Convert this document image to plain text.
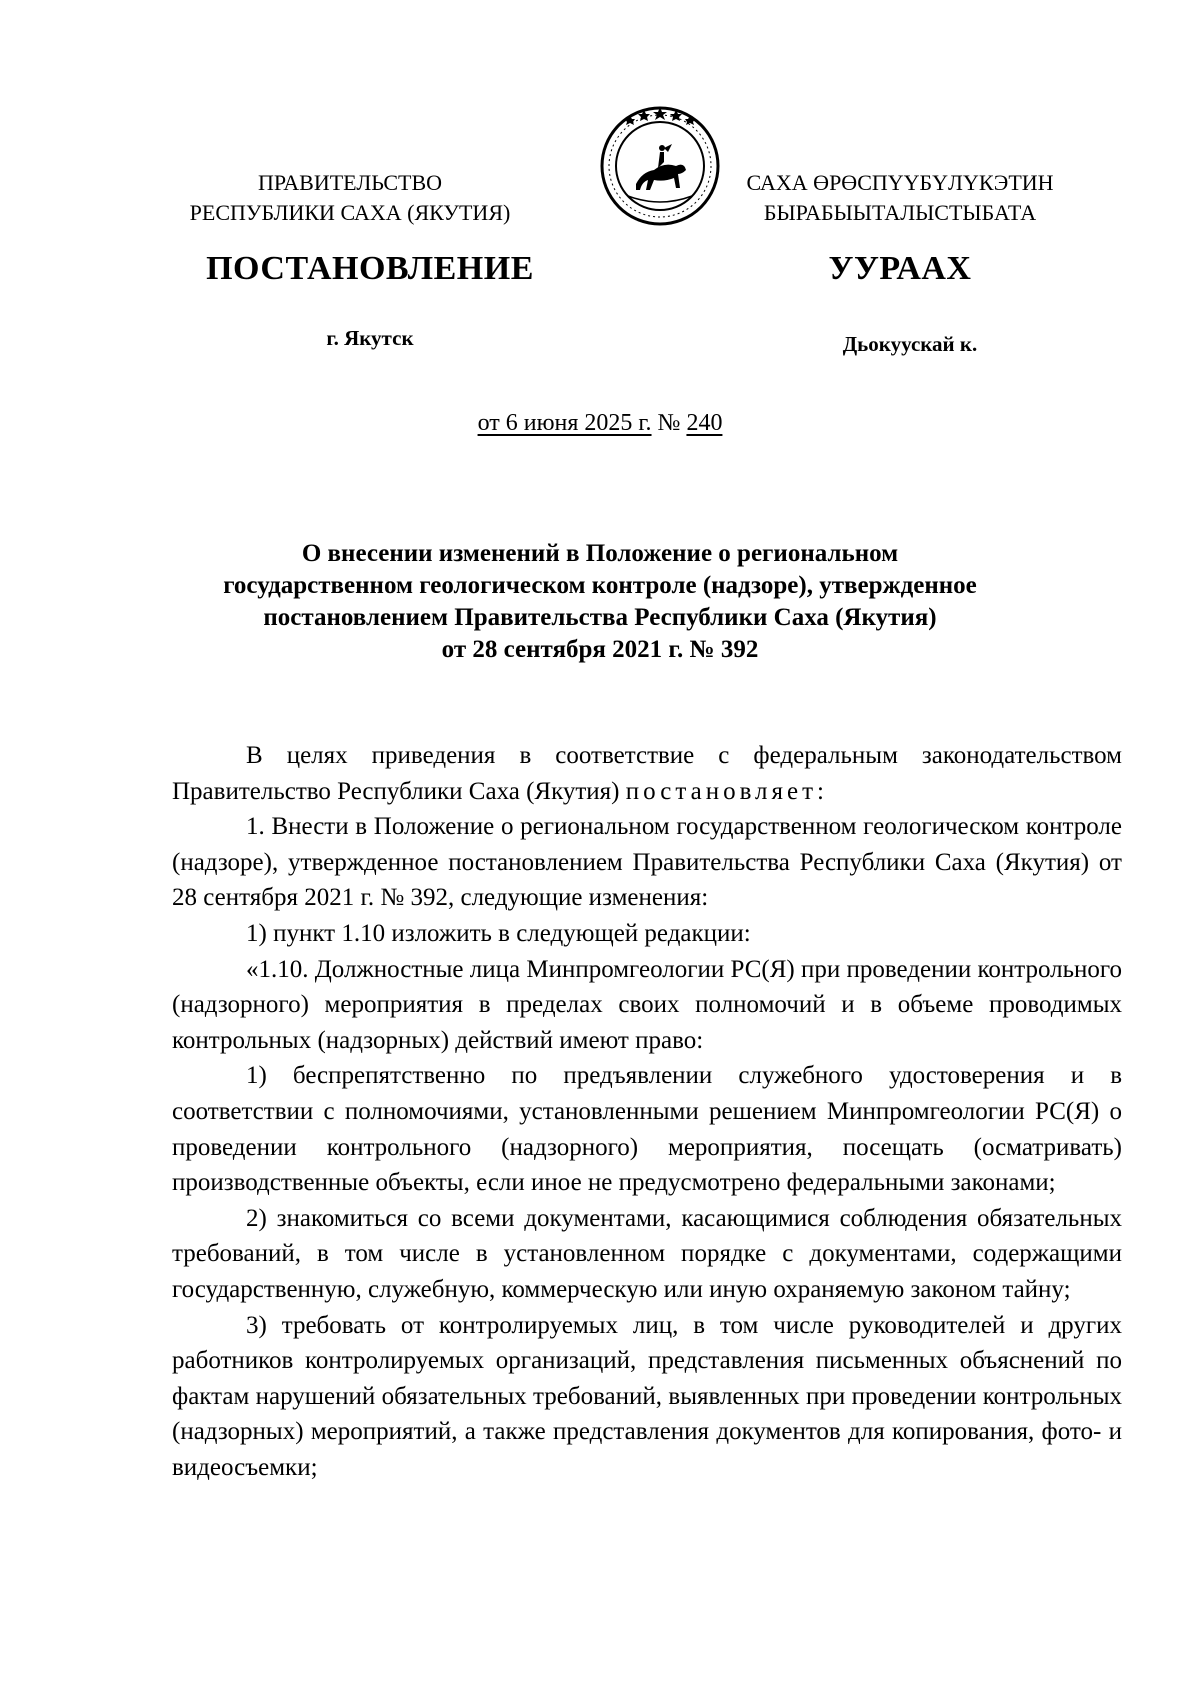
ПРАВИТЕЛЬСТВО
РЕСПУБЛИКИ САХА (ЯКУТИЯ)
САХА ӨРӨСПҮҮБҮЛҮКЭТИН
БЫРАБЫЫТАЛЫСТЫБАТА
ПОСТАНОВЛЕНИЕ	УУРААХ
г. Якутск	Дьокуускай к.
от 6 июня 2025 г. № 240
О внесении изменений в Положение о региональном
государственном геологическом контроле (надзоре), утвержденное
постановлением Правительства Республики Саха (Якутия)
от 28 сентября 2021 г. № 392

В целях приведения в соответствие с федеральным законодательством Правительство Республики Саха (Якутия) постановляет:

1. Внести в Положение о региональном государственном геологическом контроле (надзоре), утвержденное постановлением Правительства Республики Саха (Якутия) от 28 сентября 2021 г. № 392, следующие изменения:

1) пункт 1.10 изложить в следующей редакции:

«1.10. Должностные лица Минпромгеологии РС(Я) при проведении контрольного (надзорного) мероприятия в пределах своих полномочий и в объеме проводимых контрольных (надзорных) действий имеют право:

1) беспрепятственно по предъявлении служебного удостоверения и в соответствии с полномочиями, установленными решением Минпромгеологии РС(Я) о проведении контрольного (надзорного) мероприятия, посещать (осматривать) производственные объекты, если иное не предусмотрено федеральными законами;

2) знакомиться со всеми документами, касающимися соблюдения обязательных требований, в том числе в установленном порядке с документами, содержащими государственную, служебную, коммерческую или иную охраняемую законом тайну;

3) требовать от контролируемых лиц, в том числе руководителей и других работников контролируемых организаций, представления письменных объяснений по фактам нарушений обязательных требований, выявленных при проведении контрольных (надзорных) мероприятий, а также представления документов для копирования, фото- и видеосъемки;
